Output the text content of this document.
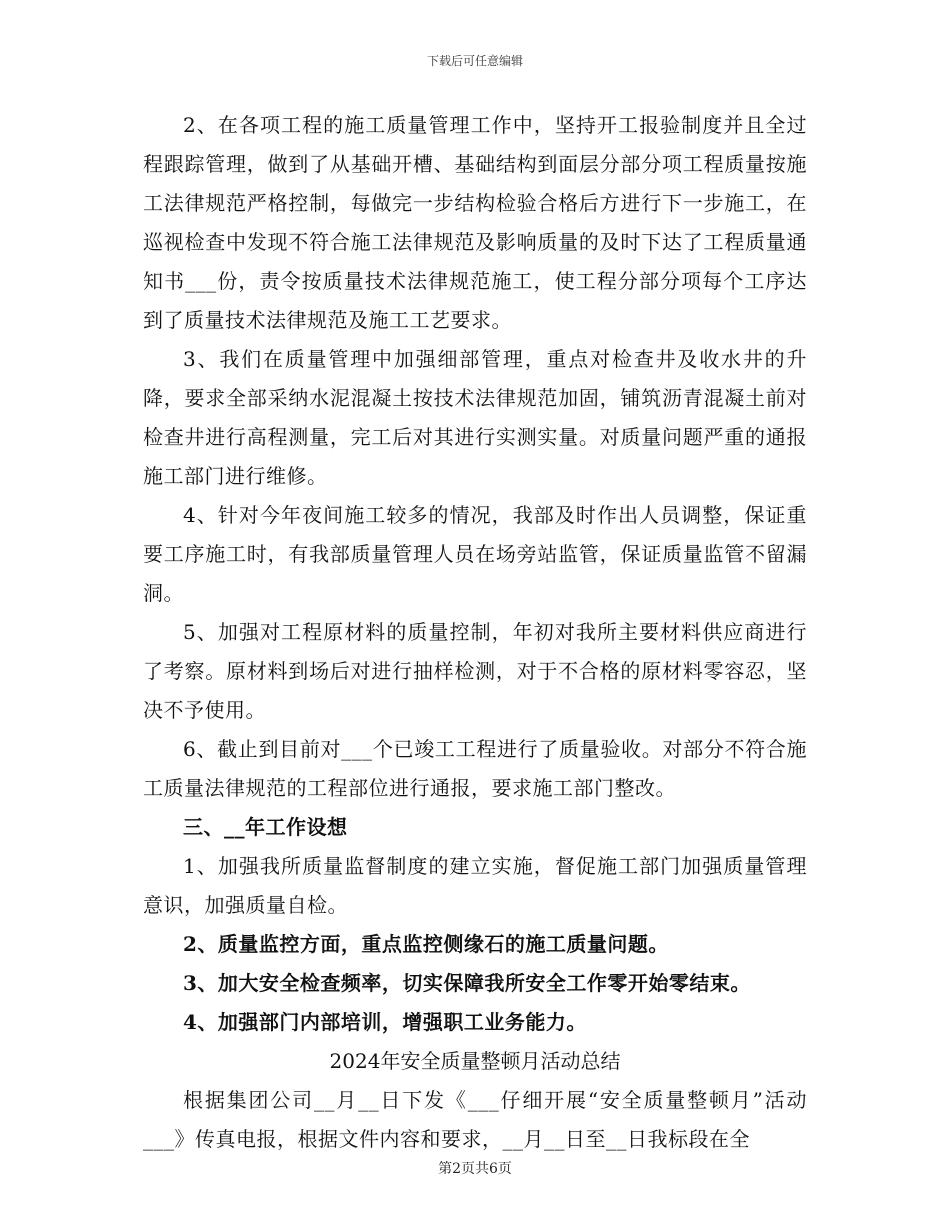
下载后可任意编辑

2、在各项工程的施工质量管理工作中，坚持开工报验制度并且全过程跟踪管理，做到了从基础开槽、基础结构到面层分部分项工程质量按施工法律规范严格控制，每做完一步结构检验合格后方进行下一步施工，在巡视检查中发现不符合施工法律规范及影响质量的及时下达了工程质量通知书___份，责令按质量技术法律规范施工，使工程分部分项每个工序达到了质量技术法律规范及施工工艺要求。

3、我们在质量管理中加强细部管理，重点对检查井及收水井的升降，要求全部采纳水泥混凝土按技术法律规范加固，铺筑沥青混凝土前对检查井进行高程测量，完工后对其进行实测实量。对质量问题严重的通报施工部门进行维修。

4、针对今年夜间施工较多的情况，我部及时作出人员调整，保证重要工序施工时，有我部质量管理人员在场旁站监管，保证质量监管不留漏洞。

5、加强对工程原材料的质量控制，年初对我所主要材料供应商进行了考察。原材料到场后对进行抽样检测，对于不合格的原材料零容忍，坚决不予使用。

6、截止到目前对___个已竣工工程进行了质量验收。对部分不符合施工质量法律规范的工程部位进行通报，要求施工部门整改。

三、__年工作设想

1、加强我所质量监督制度的建立实施，督促施工部门加强质量管理意识，加强质量自检。

2、质量监控方面，重点监控侧缘石的施工质量问题。

3、加大安全检查频率，切实保障我所安全工作零开始零结束。

4、加强部门内部培训，增强职工业务能力。

2024年安全质量整顿月活动总结

根据集团公司__月__日下发《___仔细开展“安全质量整顿月”活动___》传真电报，根据文件内容和要求，__月__日至__日我标段在全

第2页共6页
